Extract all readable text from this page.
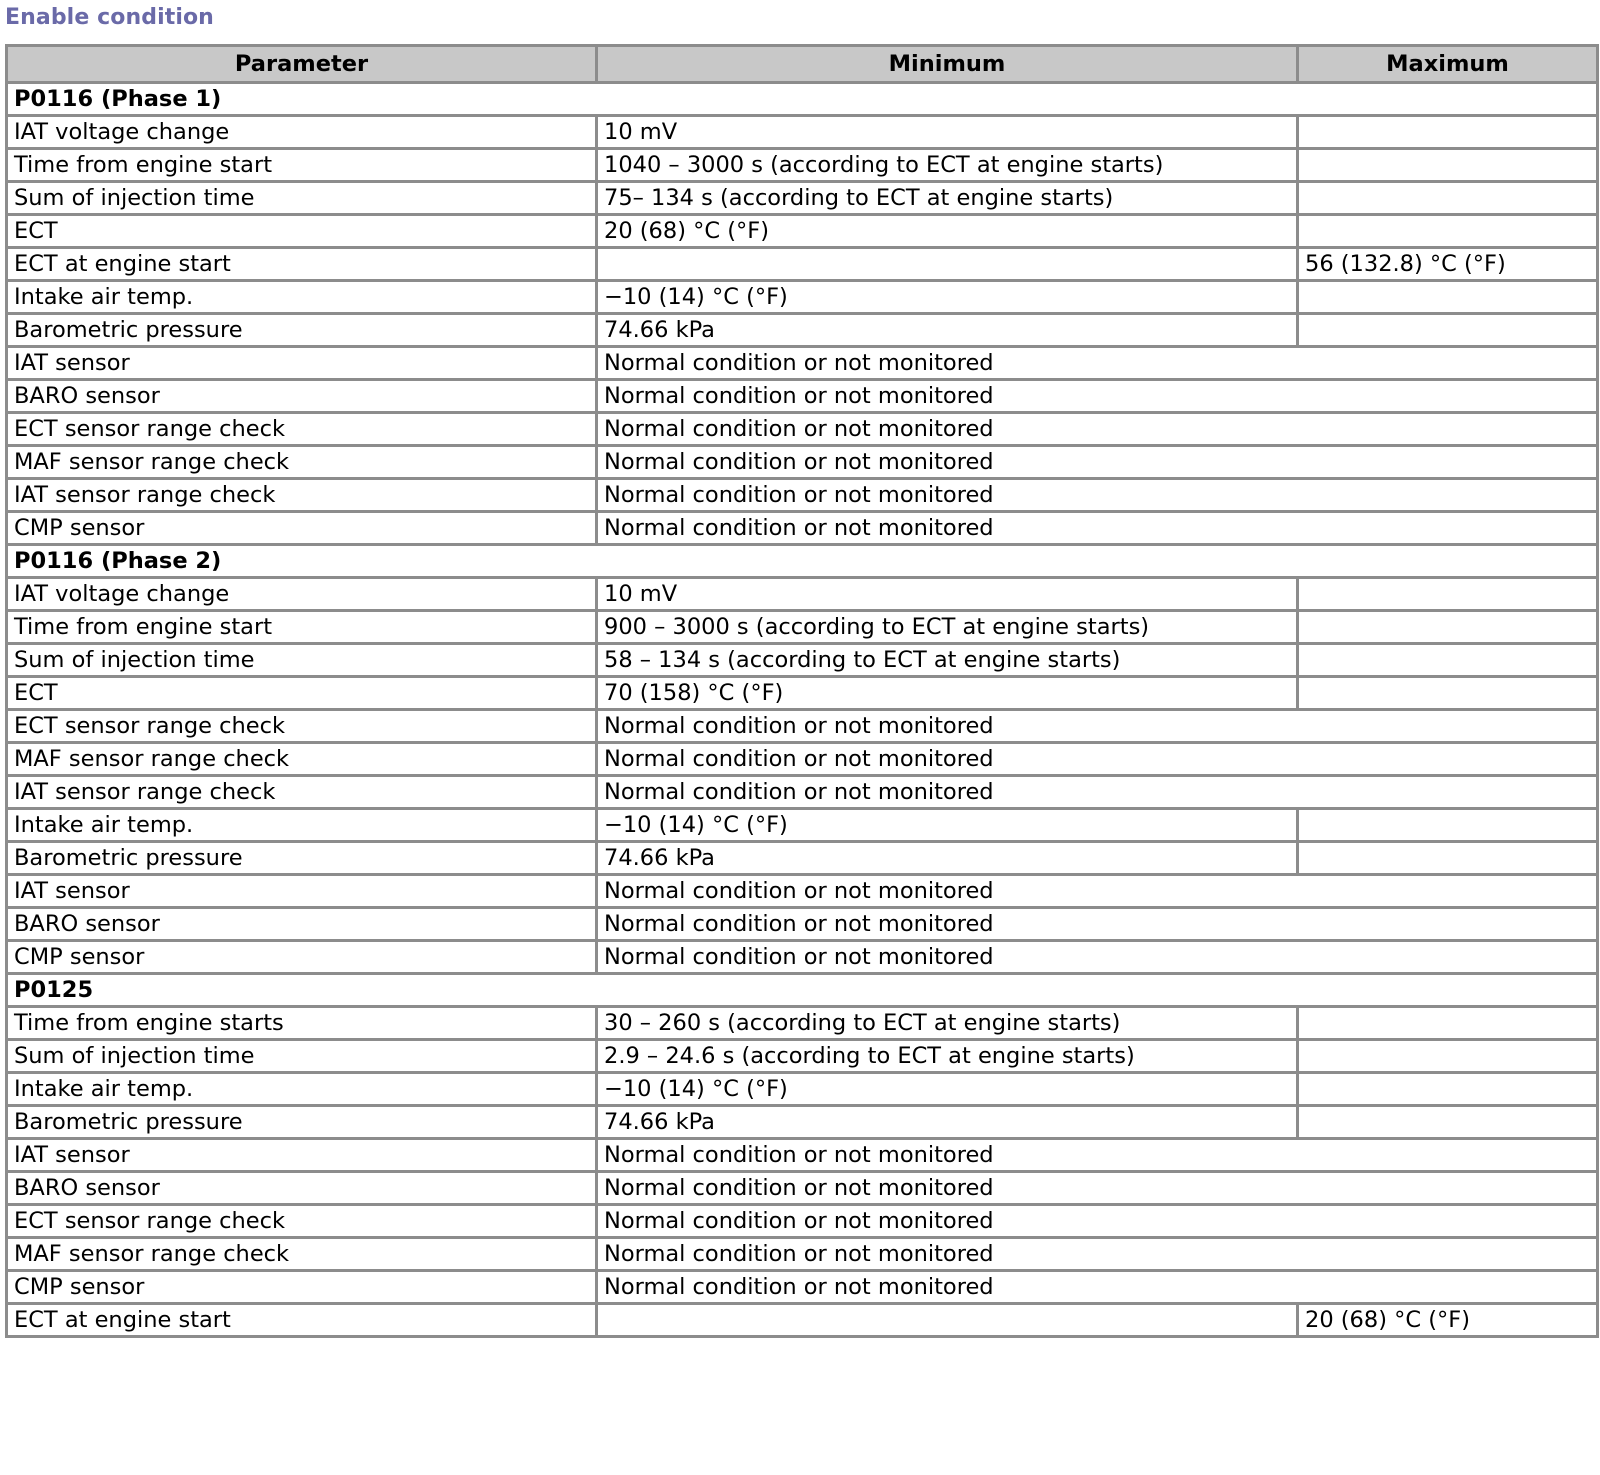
Enable condition
Parameter	Minimum	Maximum
P0116 (Phase 1)		
IAT voltage change	10 mV	
Time from engine start	1040 – 3000 s (according to ECT at engine starts)	
Sum of injection time	75– 134 s (according to ECT at engine starts)	
ECT	20 (68) °C (°F)	
ECT at engine start		56 (132.8) °C (°F)
Intake air temp.	−10 (14) °C (°F)	
Barometric pressure	74.66 kPa	
IAT sensor	Normal condition or not monitored	
BARO sensor	Normal condition or not monitored	
ECT sensor range check	Normal condition or not monitored	
MAF sensor range check	Normal condition or not monitored	
IAT sensor range check	Normal condition or not monitored	
CMP sensor	Normal condition or not monitored	
P0116 (Phase 2)		
IAT voltage change	10 mV	
Time from engine start	900 – 3000 s (according to ECT at engine starts)	
Sum of injection time	58 – 134 s (according to ECT at engine starts)	
ECT	70 (158) °C (°F)	
ECT sensor range check	Normal condition or not monitored	
MAF sensor range check	Normal condition or not monitored	
IAT sensor range check	Normal condition or not monitored	
Intake air temp.	−10 (14) °C (°F)	
Barometric pressure	74.66 kPa	
IAT sensor	Normal condition or not monitored	
BARO sensor	Normal condition or not monitored	
CMP sensor	Normal condition or not monitored	
P0125		
Time from engine starts	30 – 260 s (according to ECT at engine starts)	
Sum of injection time	2.9 – 24.6 s (according to ECT at engine starts)	
Intake air temp.	−10 (14) °C (°F)	
Barometric pressure	74.66 kPa	
IAT sensor	Normal condition or not monitored	
BARO sensor	Normal condition or not monitored	
ECT sensor range check	Normal condition or not monitored	
MAF sensor range check	Normal condition or not monitored	
CMP sensor	Normal condition or not monitored	
ECT at engine start		20 (68) °C (°F)
